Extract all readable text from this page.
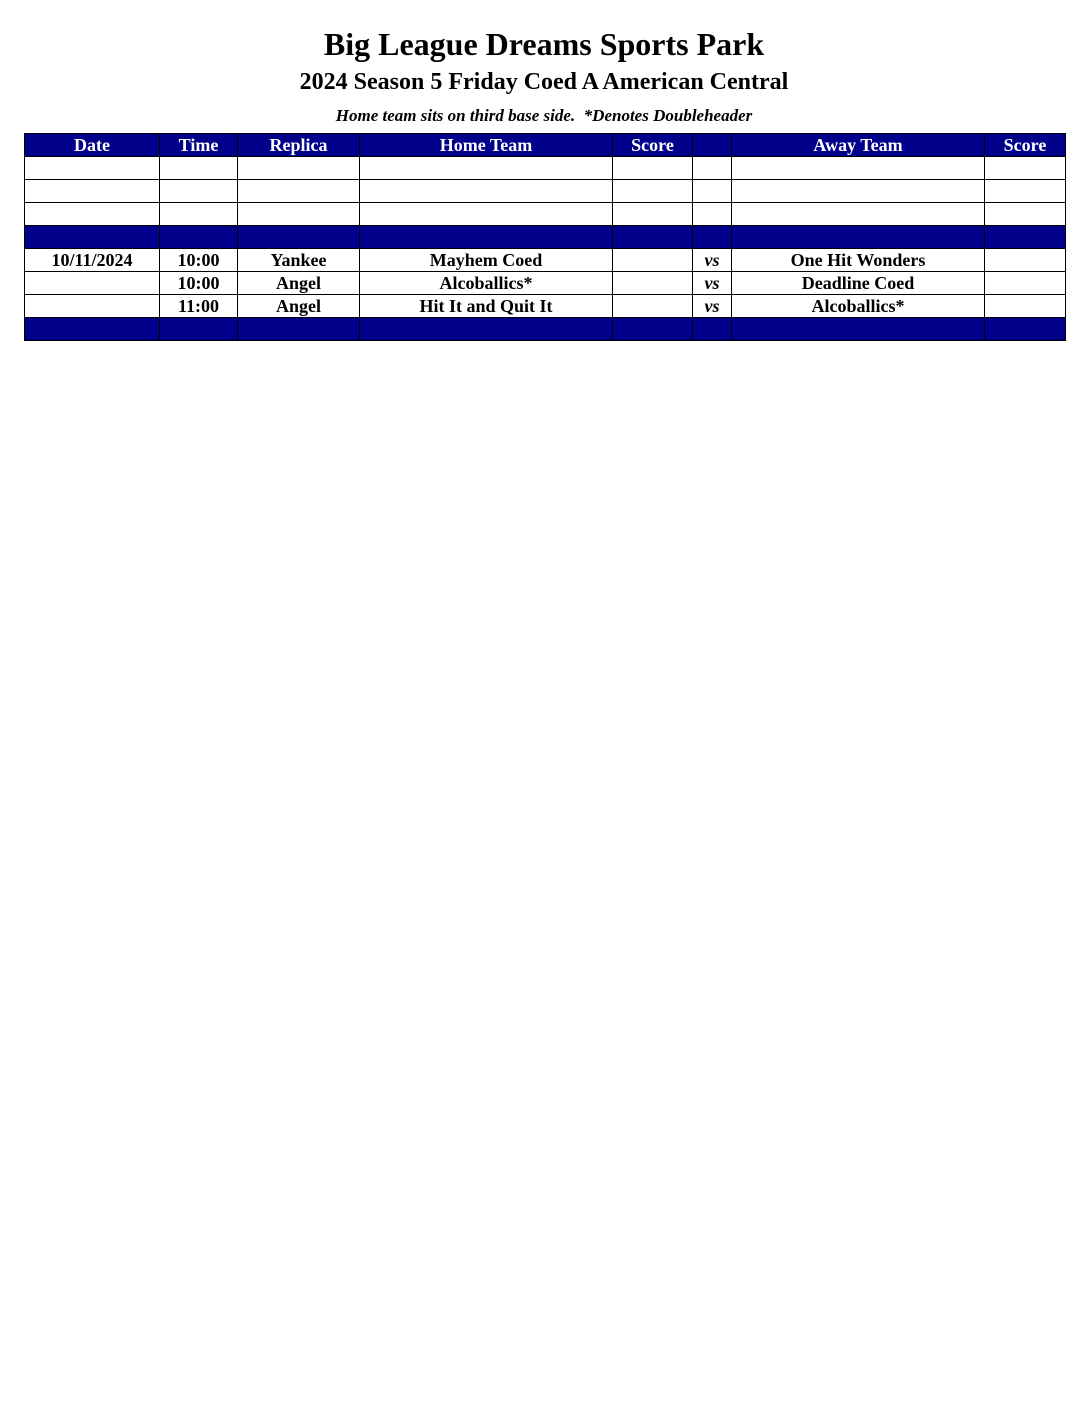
Big League Dreams Sports Park
2024 Season 5 Friday Coed A American Central
Home team sits on third base side.  *Denotes Doubleheader
Date	Time	Replica	Home Team	Score		Away Team	Score

10/11/2024	10:00	Yankee	Mayhem Coed		vs	One Hit Wonders	
	10:00	Angel	Alcoballics*		vs	Deadline Coed	
	11:00	Angel	Hit It and Quit It		vs	Alcoballics*	
